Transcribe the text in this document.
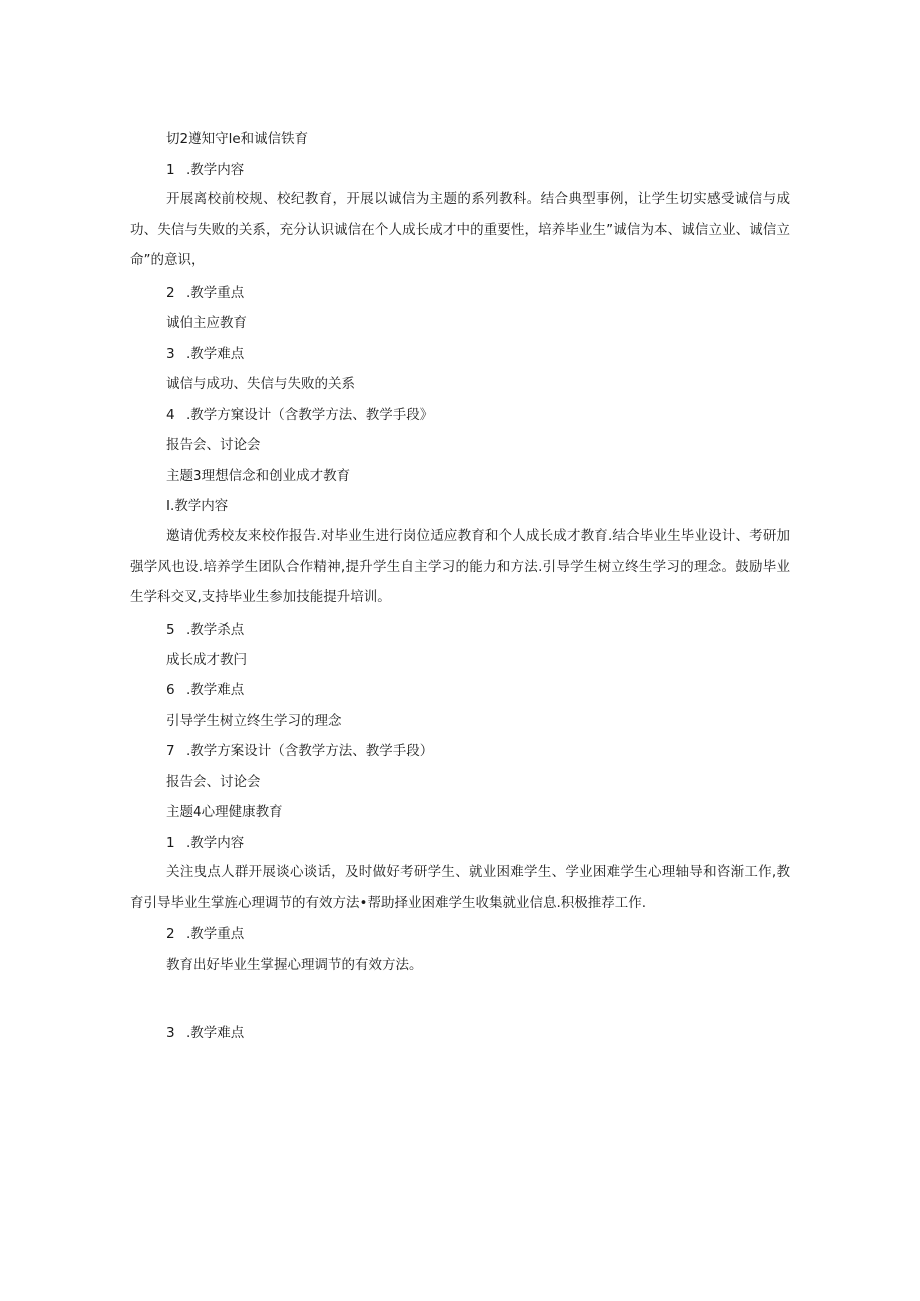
切2遵知守le和诚信铁育
1 .教学内容
开展离校前校规、校纪教育，开展以诚信为主题的系列教科。结合典型事例，让学生切实感受诚信与成功、失信与失败的关系，充分认识诚信在个人成长成才中的重要性，培养毕业生”诚信为本、诚信立业、诚信立命”的意识，
2 .教学重点
诚伯主应教育
3 .教学难点
诚信与成功、失信与失败的关系
4 .教学方窠设计（含教学方法、教学手段》
报告会、讨论会
主题3理想信念和创业成才教育
I.教学内容
邀请优秀校友来校作报告.对毕业生进行岗位适应教育和个人成长成才教育.结合毕业生毕业设计、考研加强学风也设.培养学生团队合作精神,提升学生自主学习的能力和方法.引导学生树立终生学习的理念。鼓励毕业生学科交叉,支持毕业生参加技能提升培训。
5 .教学杀点
成长成才教闩
6 .教学难点
引导学生树立终生学习的理念
7 .教学方案设计（含教学方法、教学手段）
报告会、讨论会
主题4心理健康教育
1 .教学内容
关注曳点人群开展谈心谈话，及时做好考研学生、就业困难学生、学业困难学生心理轴导和咨渐工作,教育引导毕业生掌旌心理调节的有效方法•帮助择业困难学生收集就业信息.积极推荐工作.
2 .教学重点
教育出好毕业生掌握心理调节的有效方法。
3 .教学难点
